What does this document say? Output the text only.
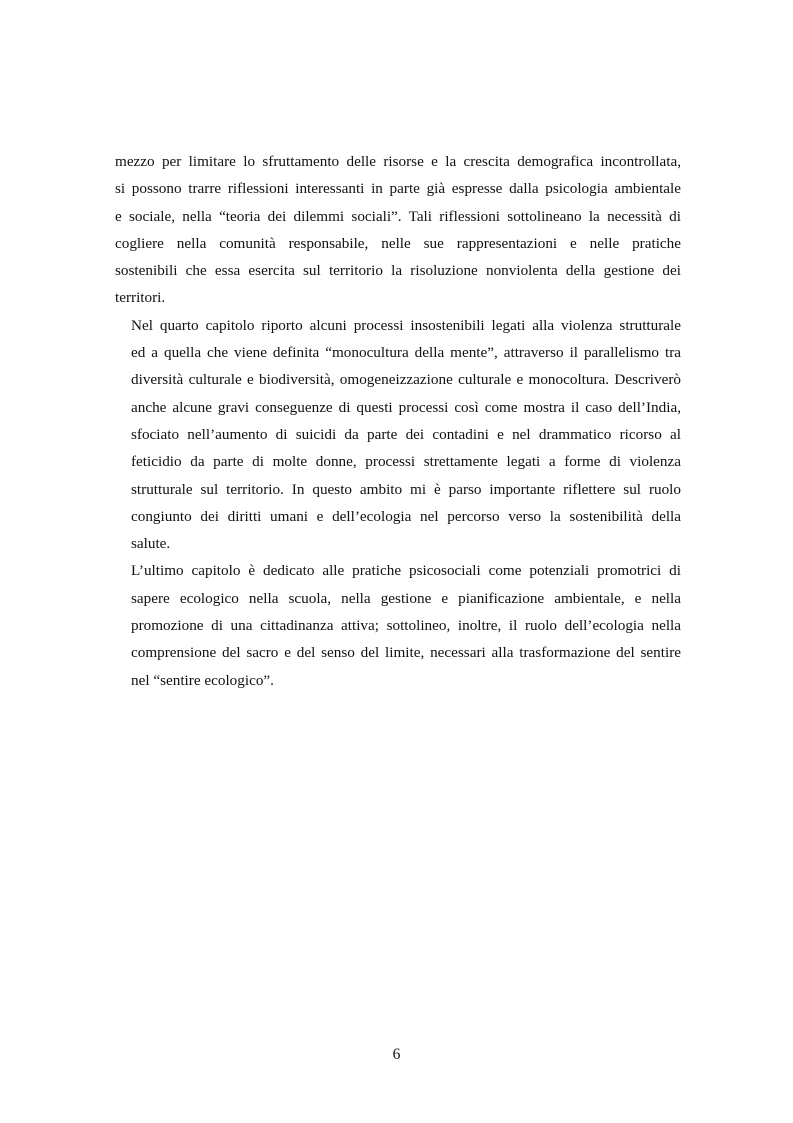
mezzo per limitare lo sfruttamento delle risorse e la crescita demografica incontrollata,
si possono trarre riflessioni interessanti in parte già espresse dalla psicologia ambientale
e sociale, nella “teoria dei dilemmi sociali”. Tali riflessioni sottolineano la necessità di
cogliere nella comunità responsabile, nelle sue rappresentazioni e nelle pratiche
sostenibili che essa esercita sul territorio la risoluzione nonviolenta della gestione dei
territori.

Nel quarto capitolo riporto alcuni processi insostenibili legati alla violenza strutturale
ed a quella che viene definita “monocultura della mente”, attraverso il parallelismo tra
diversità culturale e biodiversità, omogeneizzazione culturale e monocoltura. Descriverò
anche alcune gravi conseguenze di questi processi così come mostra il caso dell’India,
sfociato nell’aumento di suicidi da parte dei contadini e nel drammatico ricorso al
feticidio da parte di molte donne, processi strettamente legati a forme di violenza
strutturale sul territorio. In questo ambito mi è parso importante riflettere sul ruolo
congiunto dei diritti umani e dell’ecologia nel percorso verso la sostenibilità della
salute.

L’ultimo capitolo è dedicato alle pratiche psicosociali come potenziali promotrici di
sapere ecologico nella scuola, nella gestione e pianificazione ambientale, e nella
promozione di una cittadinanza attiva; sottolineo, inoltre, il ruolo dell’ecologia nella
comprensione del sacro e del senso del limite, necessari alla trasformazione del sentire
nel “sentire ecologico”.

6
